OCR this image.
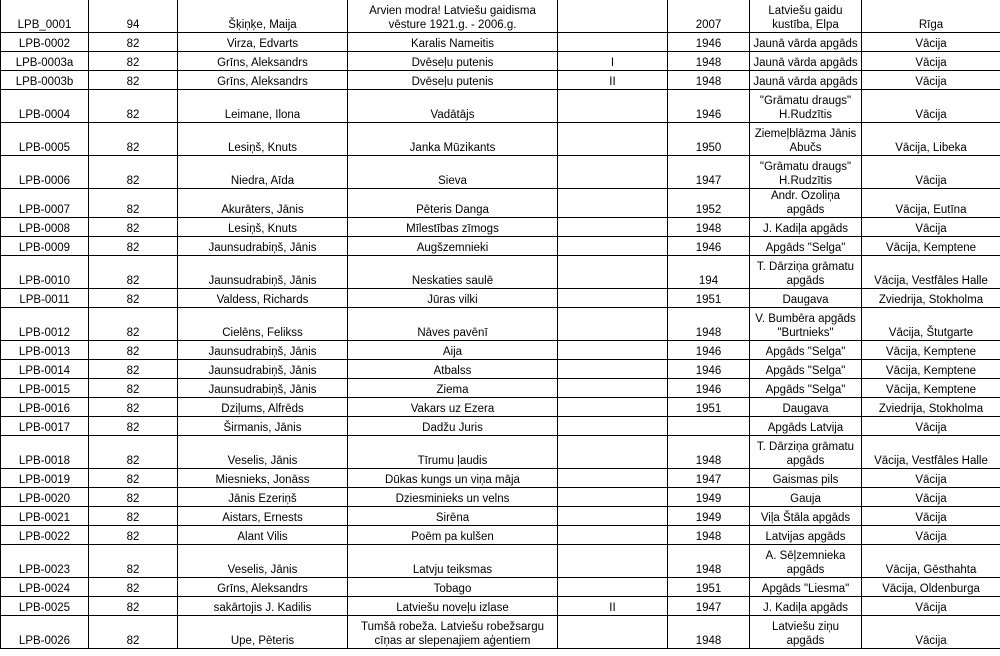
LPB_0001	94	Šķiņķe, Maija	Arvien modra! Latviešu gaidisma vēsture 1921.g. - 2006.g.		2007	Latviešu gaidu kustība, Elpa	Rīga
LPB-0002	82	Virza, Edvarts	Karalis Nameitis		1946	Jaunā vārda apgāds	Vācija
LPB-0003a	82	Grīns, Aleksandrs	Dvēseļu putenis	I	1948	Jaunā vārda apgāds	Vācija
LPB-0003b	82	Grīns, Aleksandrs	Dvēseļu putenis	II	1948	Jaunā vārda apgāds	Vācija
LPB-0004	82	Leimane, Ilona	Vadātājs		1946	"Grāmatu draugs" H.Rudzītis	Vācija
LPB-0005	82	Lesiņš, Knuts	Janka Mūzikants		1950	Ziemeļblāzma Jānis Abučs	Vācija, Libeka
LPB-0006	82	Niedra, Aīda	Sieva		1947	"Grāmatu draugs" H.Rudzītis	Vācija
LPB-0007	82	Akurāters, Jānis	Pēteris Danga		1952	Andr. Ozoliņa apgāds	Vācija, Eutīna
LPB-0008	82	Lesiņš, Knuts	Mīlestības zīmogs		1948	J. Kadiļa apgāds	Vācija
LPB-0009	82	Jaunsudrabiņš, Jānis	Augšzemnieki		1946	Apgāds "Selga"	Vācija, Kemptene
LPB-0010	82	Jaunsudrabiņš, Jānis	Neskaties saulē		194	T. Dārziņa grāmatu apgāds	Vācija, Vestfāles Halle
LPB-0011	82	Valdess, Richards	Jūras vilki		1951	Daugava	Zviedrija, Stokholma
LPB-0012	82	Cielēns, Felikss	Nāves pavēnī		1948	V. Bumbēra apgāds "Burtnieks"	Vācija, Štutgarte
LPB-0013	82	Jaunsudrabiņš, Jānis	Aija		1946	Apgāds "Selga"	Vācija, Kemptene
LPB-0014	82	Jaunsudrabiņš, Jānis	Atbalss		1946	Apgāds "Selga"	Vācija, Kemptene
LPB-0015	82	Jaunsudrabiņš, Jānis	Ziema		1946	Apgāds "Selga"	Vācija, Kemptene
LPB-0016	82	Dziļums, Alfrēds	Vakars uz Ezera		1951	Daugava	Zviedrija, Stokholma
LPB-0017	82	Širmanis, Jānis	Dadžu Juris			Apgāds Latvija	Vācija
LPB-0018	82	Veselis, Jānis	Tīrumu ļaudis		1948	T. Dārziņa grāmatu apgāds	Vācija, Vestfāles Halle
LPB-0019	82	Miesnieks, Jonāss	Dūkas kungs un viņa māja		1947	Gaismas pils	Vācija
LPB-0020	82	Jānis Ezeriņš	Dziesminieks un velns		1949	Gauja	Vācija
LPB-0021	82	Aistars, Ernests	Sirēna		1949	Viļa Štāla apgāds	Vācija
LPB-0022	82	Alant Vilis	Poēm pa kulšen		1948	Latvijas apgāds	Vācija
LPB-0023	82	Veselis, Jānis	Latvju teiksmas		1948	A. Sēļzemnieka apgāds	Vācija, Gēsthahta
LPB-0024	82	Grīns, Aleksandrs	Tobago		1951	Apgāds "Liesma"	Vācija, Oldenburga
LPB-0025	82	sakārtojis J. Kadilis	Latviešu noveļu izlase	II	1947	J. Kadiļa apgāds	Vācija
LPB-0026	82	Upe, Pēteris	Tumšā robeža. Latviešu robežsargu cīņas ar slepenajiem aģentiem		1948	Latviešu ziņu apgāds	Vācija
